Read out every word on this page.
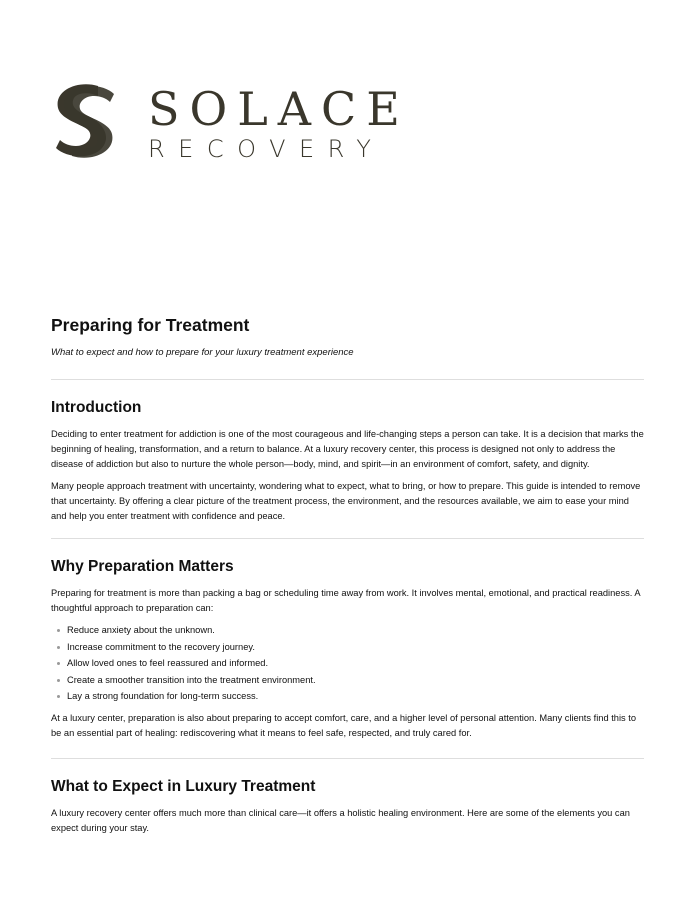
SOLACE
RECOVERY
Preparing for Treatment

What to expect and how to prepare for your luxury treatment experience

Introduction

Deciding to enter treatment for addiction is one of the most courageous and life-changing steps a person can take. It is a decision that marks the beginning of healing, transformation, and a return to balance. At a luxury recovery center, this process is designed not only to address the disease of addiction but also to nurture the whole person—body, mind, and spirit—in an environment of comfort, safety, and dignity.

Many people approach treatment with uncertainty, wondering what to expect, what to bring, or how to prepare. This guide is intended to remove that uncertainty. By offering a clear picture of the treatment process, the environment, and the resources available, we aim to ease your mind and help you enter treatment with confidence and peace.

Why Preparation Matters

Preparing for treatment is more than packing a bag or scheduling time away from work. It involves mental, emotional, and practical readiness. A thoughtful approach to preparation can:

Reduce anxiety about the unknown.
Increase commitment to the recovery journey.
Allow loved ones to feel reassured and informed.
Create a smoother transition into the treatment environment.
Lay a strong foundation for long-term success.

At a luxury center, preparation is also about preparing to accept comfort, care, and a higher level of personal attention. Many clients find this to be an essential part of healing: rediscovering what it means to feel safe, respected, and truly cared for.

What to Expect in Luxury Treatment

A luxury recovery center offers much more than clinical care—it offers a holistic healing environment. Here are some of the elements you can expect during your stay.
